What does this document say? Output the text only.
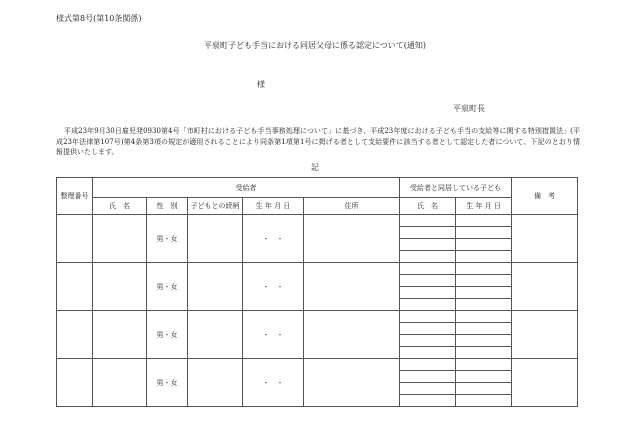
様式第8号(第10条関係)
平泉町子ども手当における同居父母に係る認定について(通知)
様
平泉町長
平成23年9月30日雇児発0930第4号「市町村における子ども手当事務処理について」に基づき、平成23年度における子ども手当の支給等に関する特別措置法」(平成23年法律第107号)第4条第3項の規定が適用されることにより同条第1項第1号に掲げる者として支給要件に該当する者として認定した者について、下記のとおり情報提供いたします。
記
整理番号	受給者					受給者と同居している子ども		備　考
	氏　名	性　別	子どもとの続柄	生 年 月 日	住所	氏　名	生 年 月 日	
		男・女		・　・				

		男・女		・　・				

		男・女		・　・				

		男・女		・　・				
